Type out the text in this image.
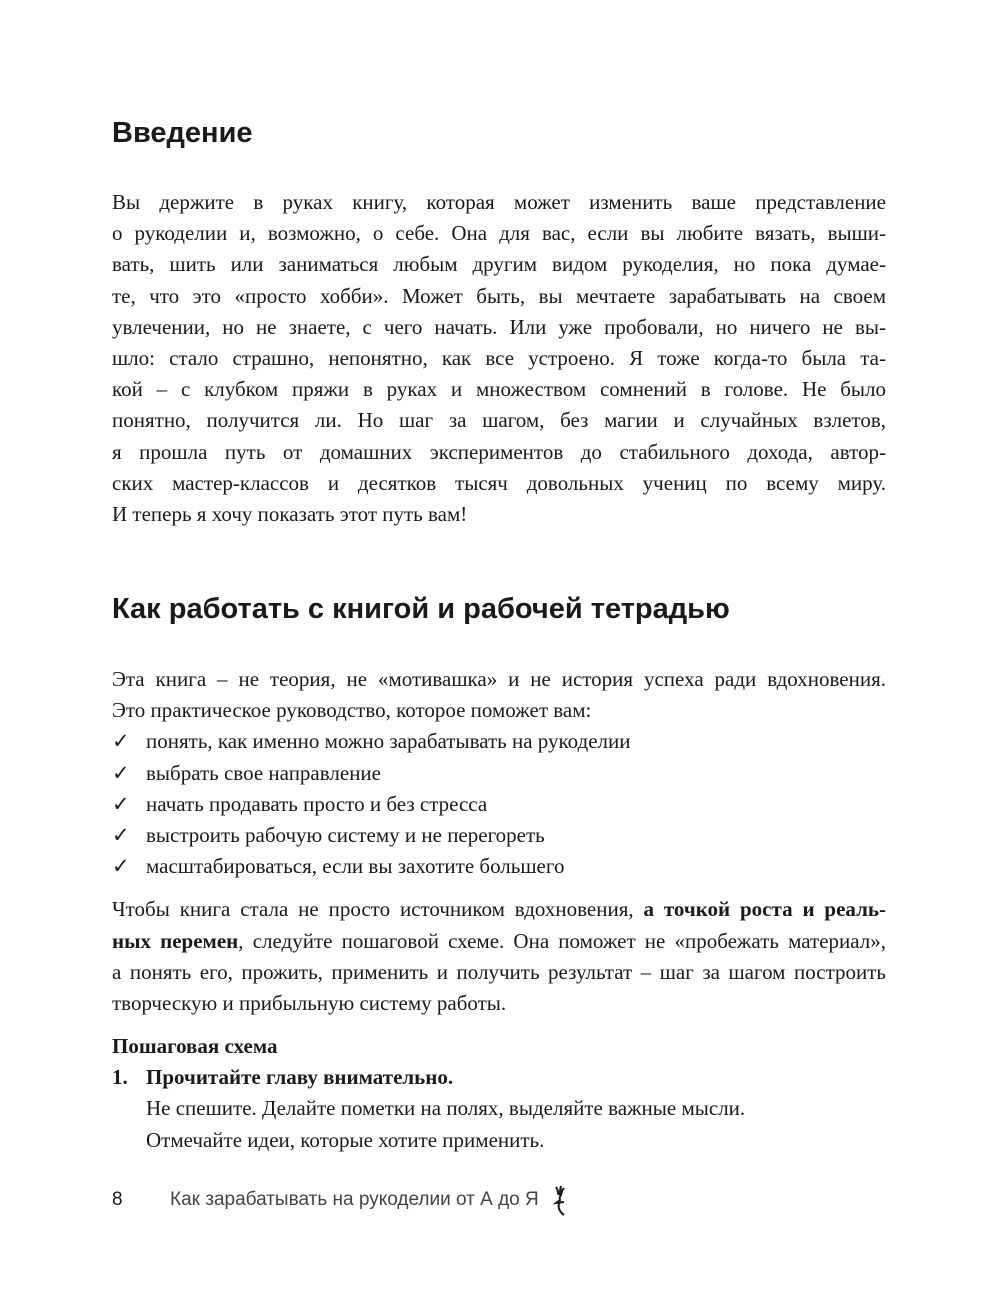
Введение
Вы держите в руках книгу, которая может изменить ваше представление
о рукоделии и, возможно, о себе. Она для вас, если вы любите вязать, выши-
вать, шить или заниматься любым другим видом рукоделия, но пока думае-
те, что это «просто хобби». Может быть, вы мечтаете зарабатывать на своем
увлечении, но не знаете, с чего начать. Или уже пробовали, но ничего не вы-
шло: стало страшно, непонятно, как все устроено. Я тоже когда-то была та-
кой – с клубком пряжи в руках и множеством сомнений в голове. Не было
понятно, получится ли. Но шаг за шагом, без магии и случайных взлетов,
я прошла путь от домашних экспериментов до стабильного дохода, автор-
ских мастер-классов и десятков тысяч довольных учениц по всему миру.
И теперь я хочу показать этот путь вам!
Как работать с книгой и рабочей тетрадью
Эта книга – не теория, не «мотивашка» и не история успеха ради вдохновения.
Это практическое руководство, которое поможет вам:
✓ понять, как именно можно зарабатывать на рукоделии
✓ выбрать свое направление
✓ начать продавать просто и без стресса
✓ выстроить рабочую систему и не перегореть
✓ масштабироваться, если вы захотите большего
Чтобы книга стала не просто источником вдохновения, а точкой роста и реаль-
ных перемен, следуйте пошаговой схеме. Она поможет не «пробежать материал»,
а понять его, прожить, применить и получить результат – шаг за шагом построить
творческую и прибыльную систему работы.
Пошаговая схема
1. Прочитайте главу внимательно.
Не спешите. Делайте пометки на полях, выделяйте важные мысли.
Отмечайте идеи, которые хотите применить.
8 Как зарабатывать на рукоделии от А до Я
